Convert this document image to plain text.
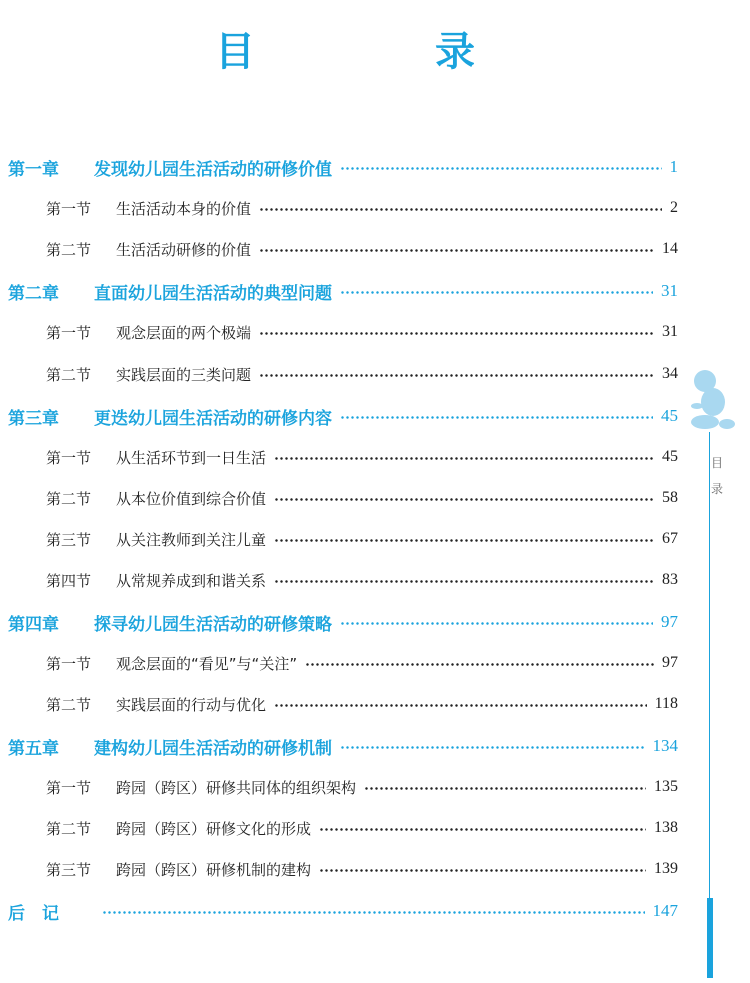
目　录
第一章	发现幼儿园生活活动的研修价值	1
第一节	生活活动本身的价值	2
第二节	生活活动研修的价值	14
第二章	直面幼儿园生活活动的典型问题	31
第一节	观念层面的两个极端	31
第二节	实践层面的三类问题	34
第三章	更迭幼儿园生活活动的研修内容	45
第一节	从生活环节到一日生活	45
第二节	从本位价值到综合价值	58
第三节	从关注教师到关注儿童	67
第四节	从常规养成到和谐关系	83
第四章	探寻幼儿园生活活动的研修策略	97
第一节	观念层面的“看见”与“关注”	97
第二节	实践层面的行动与优化	118
第五章	建构幼儿园生活活动的研修机制	134
第一节	跨园（跨区）研修共同体的组织架构	135
第二节	跨园（跨区）研修文化的形成	138
第三节	跨园（跨区）研修机制的建构	139
后　记	147
目
录
